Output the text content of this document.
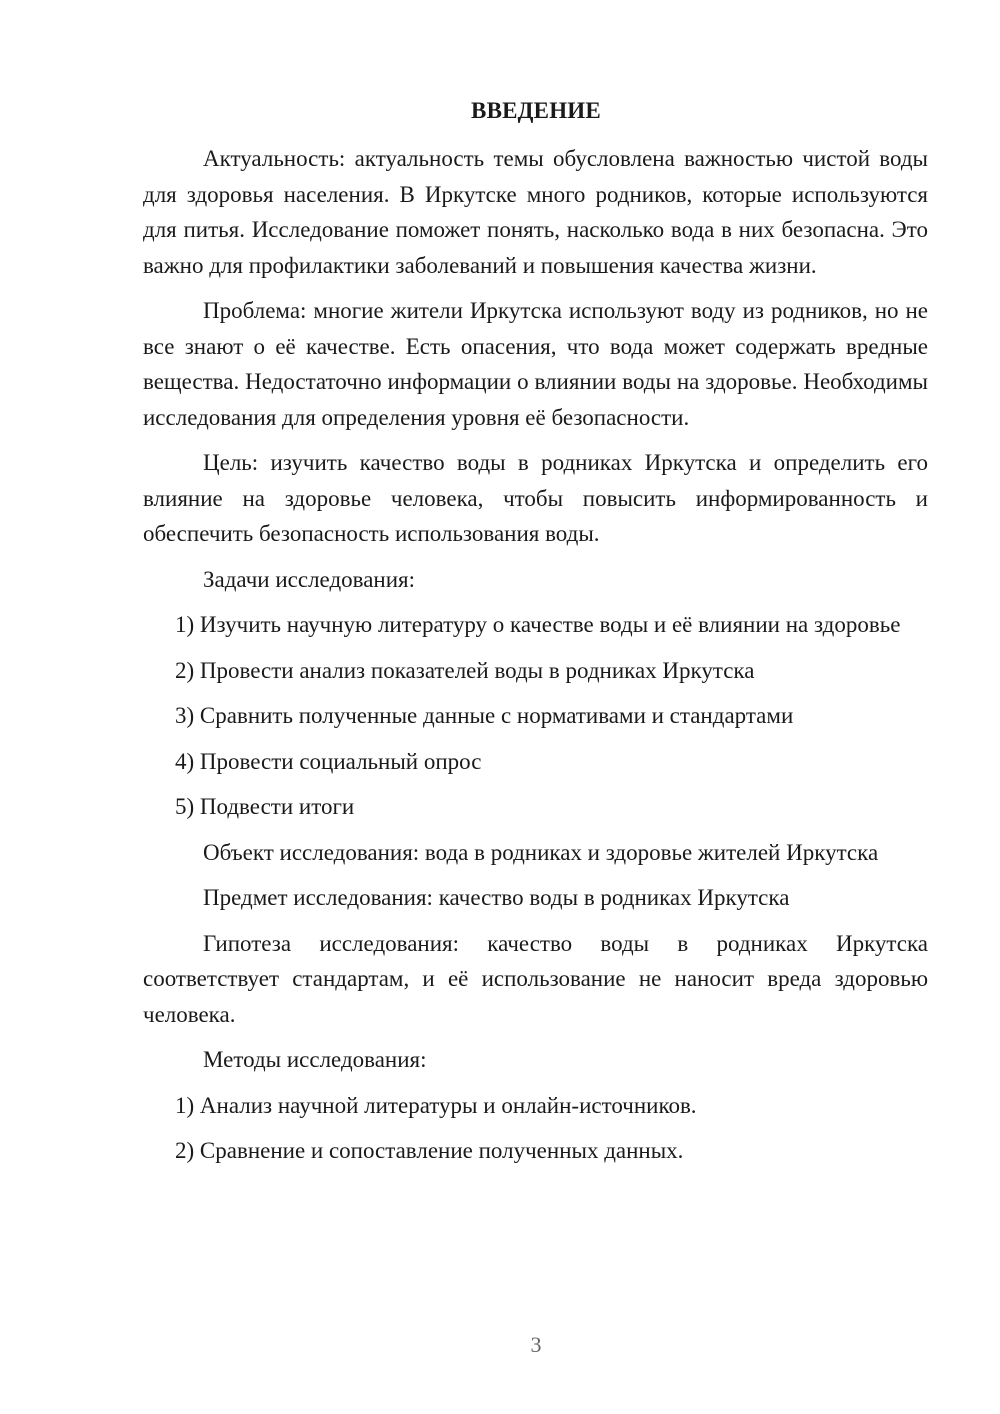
ВВЕДЕНИЕ

Актуальность: актуальность темы обусловлена важностью чистой воды для здоровья населения. В Иркутске много родников, которые используются для питья. Исследование поможет понять, насколько вода в них безопасна. Это важно для профилактики заболеваний и повышения качества жизни.

Проблема: многие жители Иркутска используют воду из родников, но не все знают о её качестве. Есть опасения, что вода может содержать вредные вещества. Недостаточно информации о влиянии воды на здоровье. Необходимы исследования для определения уровня её безопасности.

Цель: изучить качество воды в родниках Иркутска и определить его влияние на здоровье человека, чтобы повысить информированность и обеспечить безопасность использования воды.

Задачи исследования:

1) Изучить научную литературу о качестве воды и её влиянии на здоровье

2) Провести анализ показателей воды в родниках Иркутска

3) Сравнить полученные данные с нормативами и стандартами

4) Провести социальный опрос

5) Подвести итоги

Объект исследования: вода в родниках и здоровье жителей Иркутска

Предмет исследования: качество воды в родниках Иркутска

Гипотеза исследования: качество воды в родниках Иркутска соответствует стандартам, и её использование не наносит вреда здоровью человека.

Методы исследования:

1) Анализ научной литературы и онлайн-источников.

2) Сравнение и сопоставление полученных данных.

3
